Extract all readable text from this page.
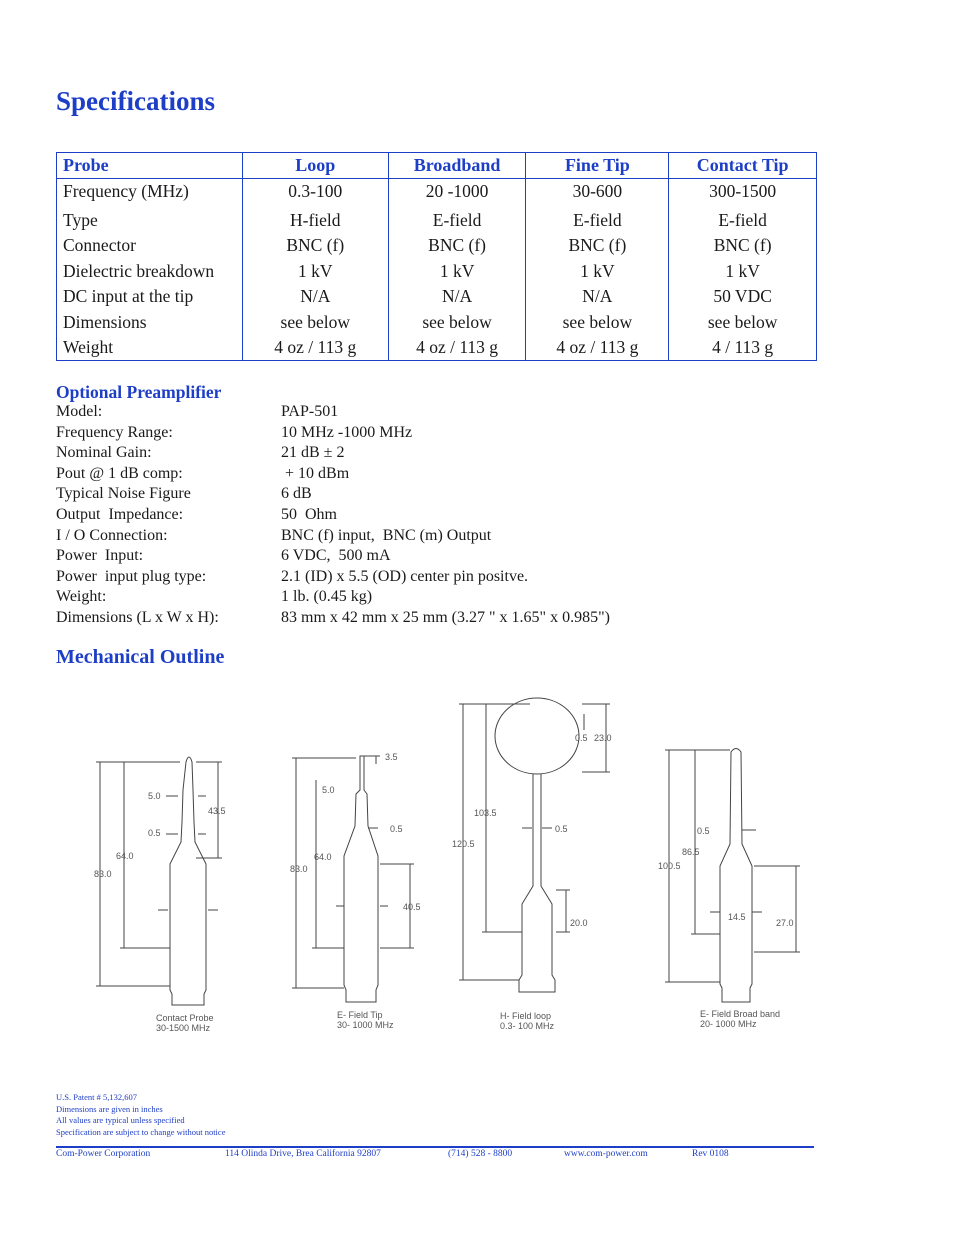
Specifications
Probe	Loop	Broadband	Fine Tip	Contact Tip
Frequency (MHz)	0.3-100	20 -1000	30-600	300-1500
Type	H-field	E-field	E-field	E-field
Connector	BNC (f)	BNC (f)	BNC (f)	BNC (f)
Dielectric breakdown	1 kV	1 kV	1 kV	1 kV
DC input at the tip	N/A	N/A	N/A	50 VDC
Dimensions	see below	see below	see below	see below
Weight	4 oz / 113 g	4 oz / 113 g	4 oz / 113 g	4 / 113 g
Optional Preamplifier
Model:	PAP-501
Frequency Range:	10 MHz -1000 MHz
Nominal Gain:	21 dB ± 2
Pout @ 1 dB comp:	+ 10 dBm
Typical Noise Figure	6 dB
Output  Impedance:	50  Ohm
I / O Connection:	BNC (f) input,  BNC (m) Output
Power  Input:	6 VDC,  500 mA
Power  input plug type:	2.1 (ID) x 5.5 (OD) center pin positve.
Weight:	1 lb. (0.45 kg)
Dimensions (L x W x H):	83 mm x 42 mm x 25 mm (3.27 " x 1.65" x 0.985")
Mechanical Outline
5.0
43.5
0.5
64.0
83.0
3.5
5.0
0.5
64.0
83.0
40.5
0.5 23.0
103.5
120.5
0.5
20.0
0.5
86.5
100.5
14.5
27.0
Contact Probe
30-1500 MHz
E- Field Tip
30- 1000 MHz
H- Field loop
0.3- 100 MHz
E- Field Broad band
20- 1000 MHz
U.S. Patent # 5,132,607
Dimensions are given in inches
All values are typical unless specified
Specification are subject to change without notice
Com-Power Corporation	114 Olinda Drive, Brea California 92807	(714) 528 - 8800	www.com-power.com	Rev 0108
